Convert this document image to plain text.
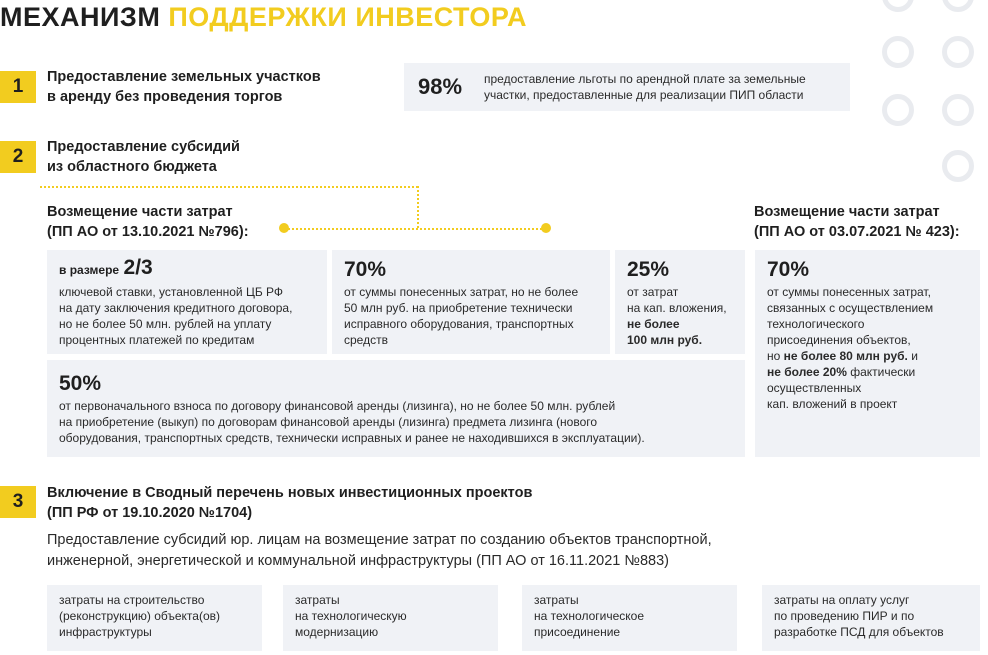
МЕХАНИЗМ ПОДДЕРЖКИ ИНВЕСТОРА
1	Предоставление земельных участков
в аренду без проведения торгов	98% предоставление льготы по арендной плате за земельные
участки, предоставленные для реализации ПИП области
2	Предоставление субсидий
из областного бюджета
Возмещение части затрат
(ПП АО от 13.10.2021 №796):
Возмещение части затрат
(ПП АО от 03.07.2021 № 423):
в размере 2/3
ключевой ставки, установленной ЦБ РФ
на дату заключения кредитного договора,
но не более 50 млн. рублей на уплату
процентных платежей по кредитам
70%
от суммы понесенных затрат, но не более
50 млн руб. на приобретение технически
исправного оборудования, транспортных
средств
25%
от затрат
на кап. вложения,
не более
100 млн руб.
50%
от первоначального взноса по договору финансовой аренды (лизинга), но не более 50 млн. рублей
на приобретение (выкуп) по договорам финансовой аренды (лизинга) предмета лизинга (нового
оборудования, транспортных средств, технически исправных и ранее не находившихся в эксплуатации).
70%
от суммы понесенных затрат,
связанных с осуществлением
технологического
присоединения объектов,
но не более 80 млн руб. и
не более 20% фактически
осуществленных
кап. вложений в проект
3	Включение в Сводный перечень новых инвестиционных проектов
(ПП РФ от 19.10.2020 №1704)
Предоставление субсидий юр. лицам на возмещение затрат по созданию объектов транспортной,
инженерной, энергетической и коммунальной инфраструктуры (ПП АО от 16.11.2021 №883)
затраты на строительство
(реконструкцию) объекта(ов)
инфраструктуры
затраты
на технологическую
модернизацию
затраты
на технологическое
присоединение
затраты на оплату услуг
по проведению ПИР и по
разработке ПСД для объектов
